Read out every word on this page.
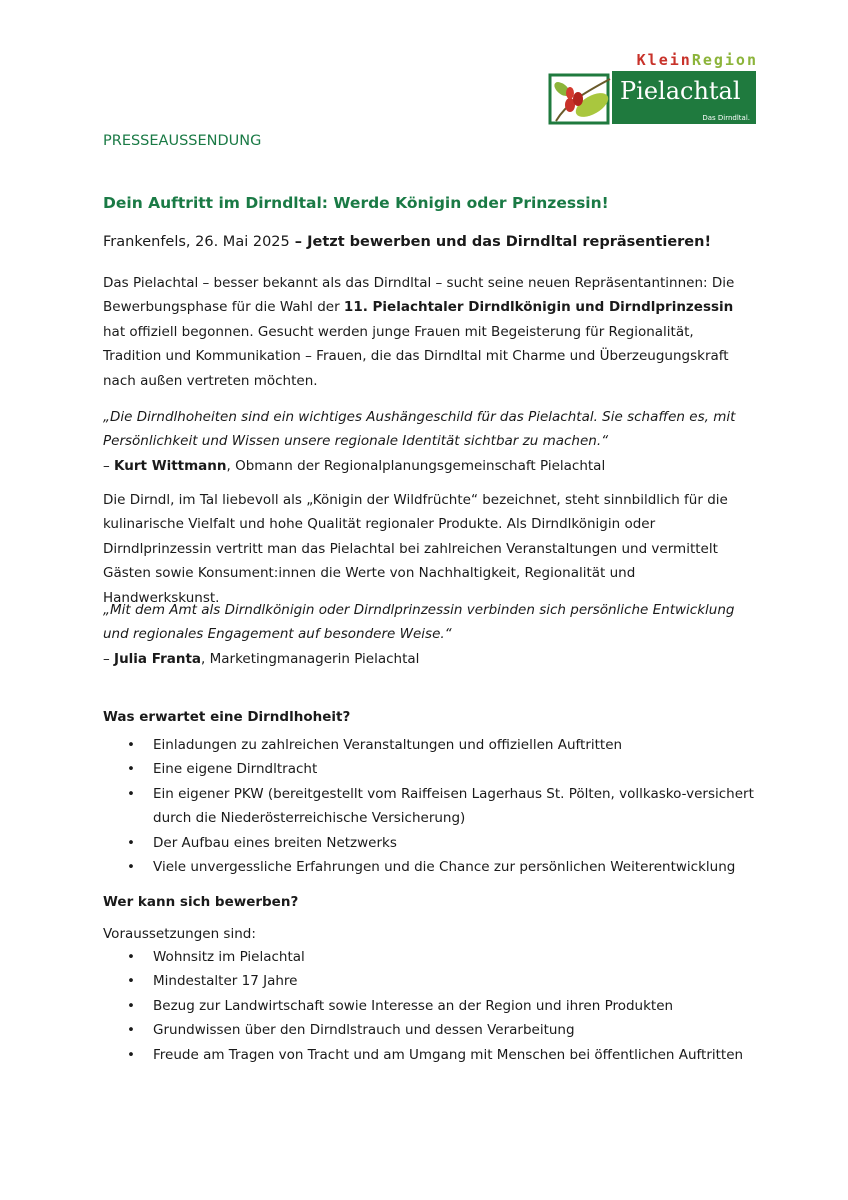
KleinRegion
Pielachtal
Das Dirndltal.
PRESSEAUSSENDUNG
Dein Auftritt im Dirndltal: Werde Königin oder Prinzessin!
Frankenfels, 26. Mai 2025 – Jetzt bewerben und das Dirndltal repräsentieren!
Das Pielachtal – besser bekannt als das Dirndltal – sucht seine neuen Repräsentantinnen: Die Bewerbungsphase für die Wahl der 11. Pielachtaler Dirndlkönigin und Dirndlprinzessin hat offiziell begonnen. Gesucht werden junge Frauen mit Begeisterung für Regionalität, Tradition und Kommunikation – Frauen, die das Dirndltal mit Charme und Überzeugungskraft nach außen vertreten möchten.
„Die Dirndlhoheiten sind ein wichtiges Aushängeschild für das Pielachtal. Sie schaffen es, mit Persönlichkeit und Wissen unsere regionale Identität sichtbar zu machen.“
– Kurt Wittmann, Obmann der Regionalplanungsgemeinschaft Pielachtal
Die Dirndl, im Tal liebevoll als „Königin der Wildfrüchte“ bezeichnet, steht sinnbildlich für die kulinarische Vielfalt und hohe Qualität regionaler Produkte. Als Dirndlkönigin oder Dirndlprinzessin vertritt man das Pielachtal bei zahlreichen Veranstaltungen und vermittelt Gästen sowie Konsument:innen die Werte von Nachhaltigkeit, Regionalität und Handwerkskunst.
„Mit dem Amt als Dirndlkönigin oder Dirndlprinzessin verbinden sich persönliche Entwicklung und regionales Engagement auf besondere Weise.“
– Julia Franta, Marketingmanagerin Pielachtal
Was erwartet eine Dirndlhoheit?
• Einladungen zu zahlreichen Veranstaltungen und offiziellen Auftritten
• Eine eigene Dirndltracht
• Ein eigener PKW (bereitgestellt vom Raiffeisen Lagerhaus St. Pölten, vollkasko-versichert durch die Niederösterreichische Versicherung)
• Der Aufbau eines breiten Netzwerks
• Viele unvergessliche Erfahrungen und die Chance zur persönlichen Weiterentwicklung
Wer kann sich bewerben?
Voraussetzungen sind:
• Wohnsitz im Pielachtal
• Mindestalter 17 Jahre
• Bezug zur Landwirtschaft sowie Interesse an der Region und ihren Produkten
• Grundwissen über den Dirndlstrauch und dessen Verarbeitung
• Freude am Tragen von Tracht und am Umgang mit Menschen bei öffentlichen Auftritten
